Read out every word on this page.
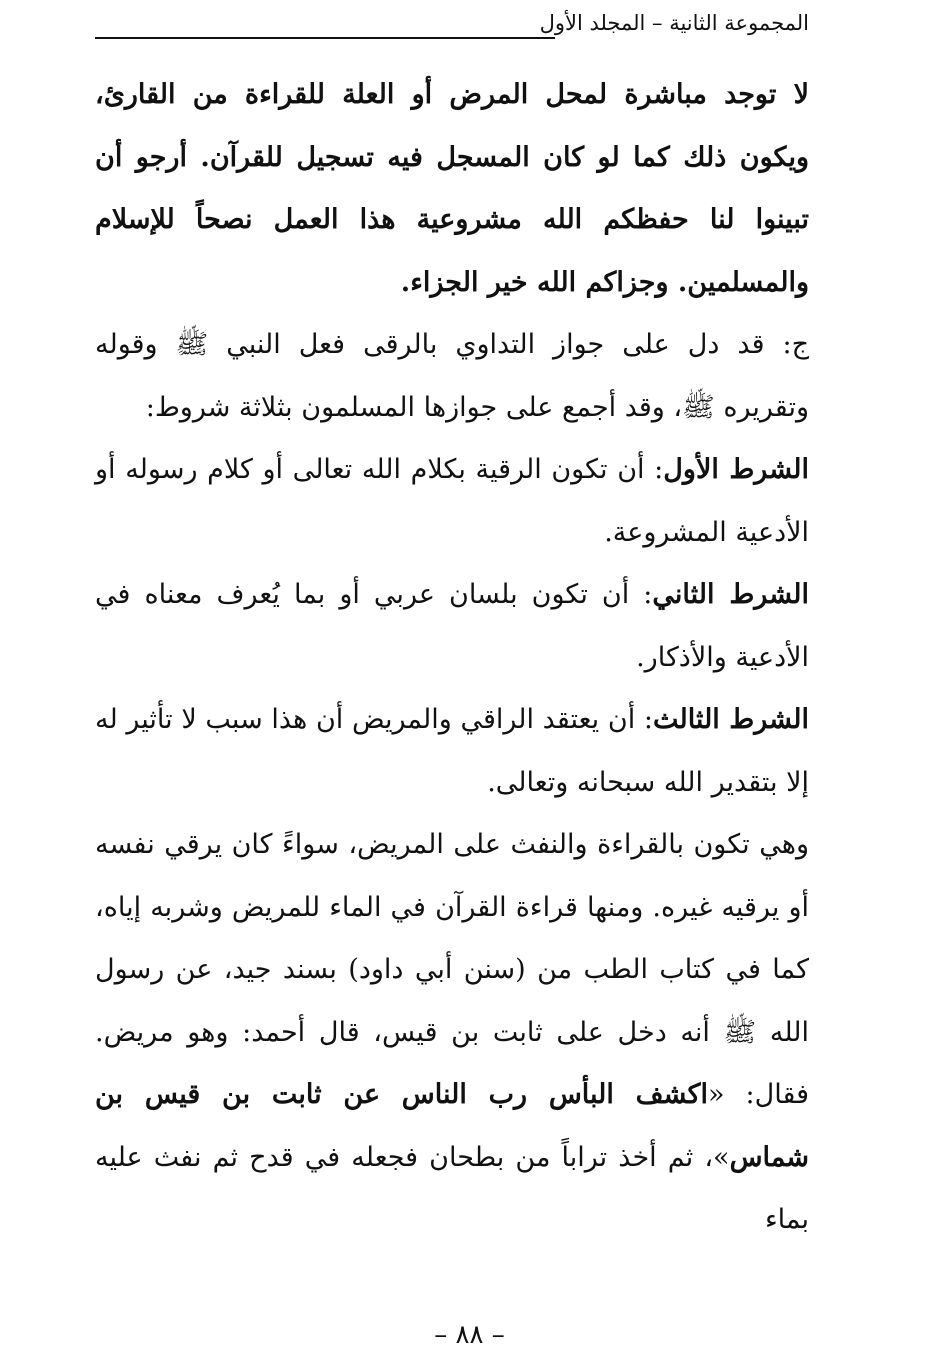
المجموعة الثانية – المجلد الأول

لا توجد مباشرة لمحل المرض أو العلة للقراءة من القارئ، ويكون ذلك كما لو كان المسجل فيه تسجيل للقرآن. أرجو أن تبينوا لنا حفظكم الله مشروعية هذا العمل نصحاً للإسلام والمسلمين. وجزاكم الله خير الجزاء.

ج: قد دل على جواز التداوي بالرقى فعل النبي ﷺ وقوله وتقريره ﷺ، وقد أجمع على جوازها المسلمون بثلاثة شروط:

الشرط الأول: أن تكون الرقية بكلام الله تعالى أو كلام رسوله أو الأدعية المشروعة.

الشرط الثاني: أن تكون بلسان عربي أو بما يُعرف معناه في الأدعية والأذكار.

الشرط الثالث: أن يعتقد الراقي والمريض أن هذا سبب لا تأثير له إلا بتقدير الله سبحانه وتعالى.

وهي تكون بالقراءة والنفث على المريض، سواءً كان يرقي نفسه أو يرقيه غيره. ومنها قراءة القرآن في الماء للمريض وشربه إياه، كما في كتاب الطب من (سنن أبي داود) بسند جيد، عن رسول الله ﷺ أنه دخل على ثابت بن قيس، قال أحمد: وهو مريض. فقال: «اكشف البأس رب الناس عن ثابت بن قيس بن شماس»، ثم أخذ تراباً من بطحان فجعله في قدح ثم نفث عليه بماء

– ٨٨ –
